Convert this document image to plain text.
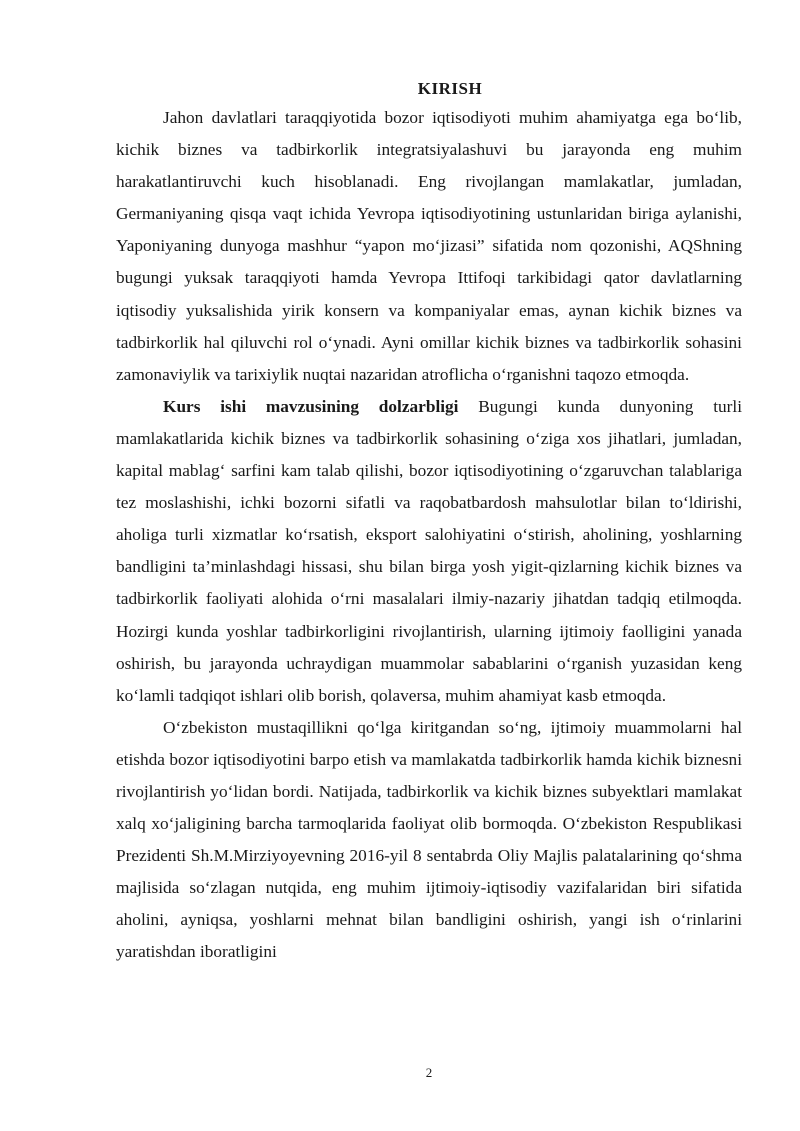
KIRISH

Jahon davlatlari taraqqiyotida bozor iqtisodiyoti muhim ahamiyatga ega bo‘lib, kichik biznes va tadbirkorlik integratsiyalashuvi bu jarayonda eng muhim harakatlantiruvchi kuch hisoblanadi. Eng rivojlangan mamlakatlar, jumladan, Germaniyaning qisqa vaqt ichida Yevropa iqtisodiyotining ustunlaridan biriga aylanishi, Yaponiyaning dunyoga mashhur “yapon mo‘jizasi” sifatida nom qozonishi, AQShning bugungi yuksak taraqqiyoti hamda Yevropa Ittifoqi tarkibidagi qator davlatlarning iqtisodiy yuksalishida yirik konsern va kompaniyalar emas, aynan kichik biznes va tadbirkorlik hal qiluvchi rol o‘ynadi. Ayni omillar kichik biznes va tadbirkorlik sohasini zamonaviylik va tarixiylik nuqtai nazaridan atroflicha o‘rganishni taqozo etmoqda.

Kurs ishi mavzusining dolzarbligi Bugungi kunda dunyoning turli mamlakatlarida kichik biznes va tadbirkorlik sohasining o‘ziga xos jihatlari, jumladan, kapital mablag‘ sarfini kam talab qilishi, bozor iqtisodiyotining o‘zgaruvchan talablariga tez moslashishi, ichki bozorni sifatli va raqobatbardosh mahsulotlar bilan to‘ldirishi, aholiga turli xizmatlar ko‘rsatish, eksport salohiyatini o‘stirish, aholining, yoshlarning bandligini ta’minlashdagi hissasi, shu bilan birga yosh yigit-qizlarning kichik biznes va tadbirkorlik faoliyati alohida o‘rni masalalari ilmiy-nazariy jihatdan tadqiq etilmoqda. Hozirgi kunda yoshlar tadbirkorligini rivojlantirish, ularning ijtimoiy faolligini yanada oshirish, bu jarayonda uchraydigan muammolar sabablarini o‘rganish yuzasidan keng ko‘lamli tadqiqot ishlari olib borish, qolaversa, muhim ahamiyat kasb etmoqda.

O‘zbekiston mustaqillikni qo‘lga kiritgandan so‘ng, ijtimoiy muammolarni hal etishda bozor iqtisodiyotini barpo etish va mamlakatda tadbirkorlik hamda kichik biznesni rivojlantirish yo‘lidan bordi. Natijada, tadbirkorlik va kichik biznes subyektlari mamlakat xalq xo‘jaligining barcha tarmoqlarida faoliyat olib bormoqda. O‘zbekiston Respublikasi Prezidenti Sh.M.Mirziyoyevning 2016-yil 8 sentabrda Oliy Majlis palatalarining qo‘shma majlisida so‘zlagan nutqida, eng muhim ijtimoiy-iqtisodiy vazifalaridan biri sifatida aholini, ayniqsa, yoshlarni mehnat bilan bandligini oshirish, yangi ish o‘rinlarini yaratishdan iboratligini

2
